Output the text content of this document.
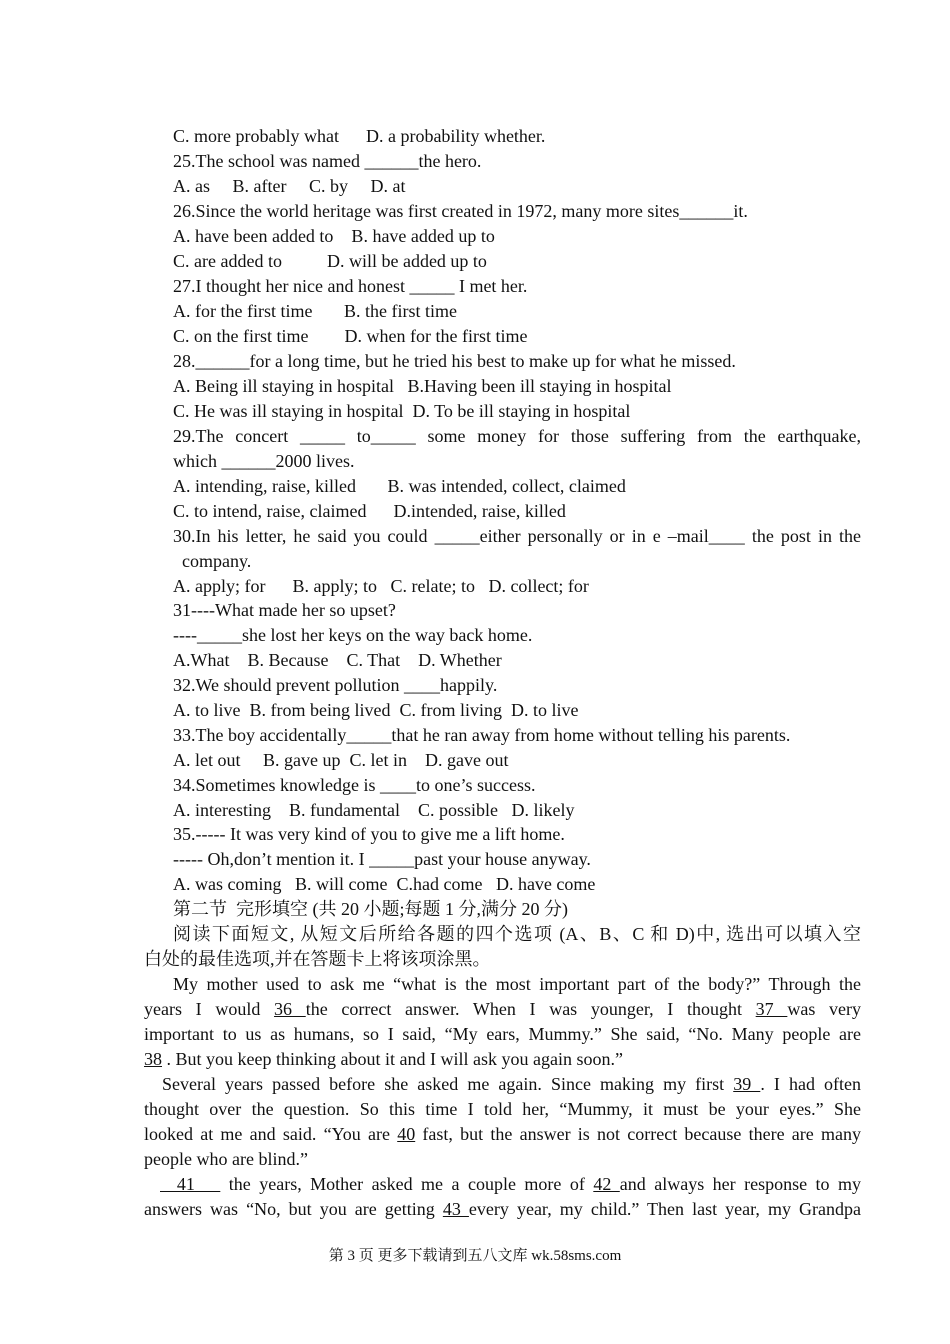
C. more probably what      D. a probability whether.
25.The school was named ______the hero.
A. as     B. after     C. by     D. at
26.Since the world heritage was first created in 1972, many more sites______it.
A. have been added to    B. have added up to
C. are added to          D. will be added up to
27.I thought her nice and honest _____ I met her.
A. for the first time       B. the first time
C. on the first time        D. when for the first time
28.______for a long time, but he tried his best to make up for what he missed.
A. Being ill staying in hospital   B.Having been ill staying in hospital
C. He was ill staying in hospital  D. To be ill staying in hospital
29.The concert _____ to_____ some money for those suffering from the earthquake,
which ______2000 lives.
A. intending, raise, killed       B. was intended, collect, claimed
C. to intend, raise, claimed      D.intended, raise, killed
30.In his letter, he said you could _____either personally or in e –mail____ the post in the
company.
A. apply; for      B. apply; to   C. relate; to   D. collect; for
31----What made her so upset?
----_____she lost her keys on the way back home.
A.What    B. Because    C. That    D. Whether
32.We should prevent pollution ____happily.
A. to live  B. from being lived  C. from living  D. to live
33.The boy accidentally_____that he ran away from home without telling his parents.
A. let out     B. gave up  C. let in    D. gave out
34.Sometimes knowledge is ____to one’s success.
A. interesting    B. fundamental    C. possible   D. likely
35.----- It was very kind of you to give me a lift home.
----- Oh,don’t mention it. I _____past your house anyway.
A. was coming   B. will come  C.had come   D. have come
第二节  完形填空 (共 20 小题;每题 1 分,满分 20 分)
阅读下面短文, 从短文后所给各题的四个选项 (A、B、C 和 D)中, 选出可以填入空
白处的最佳选项,并在答题卡上将该项涂黑。
My mother used to ask me “what is the most important part of the body?” Through the
years I would 36 the correct answer. When I was younger, I thought 37 was very
important to us as humans, so I said, “My ears, Mummy.” She said, “No. Many people are
38 . But you keep thinking about it and I will ask you again soon.”
Several years passed before she asked me again. Since making my first 39 . I had often
thought over the question. So this time I told her, “Mummy, it must be your eyes.” She
looked at me and said. “You are 40 fast, but the answer is not correct because there are many
people who are blind.”
41    the years, Mother asked me a couple more of 42 and always her response to my
answers was “No, but you are getting 43 every year, my child.” Then last year, my Grandpa
第 3 页 更多下载请到五八文库 wk.58sms.com
